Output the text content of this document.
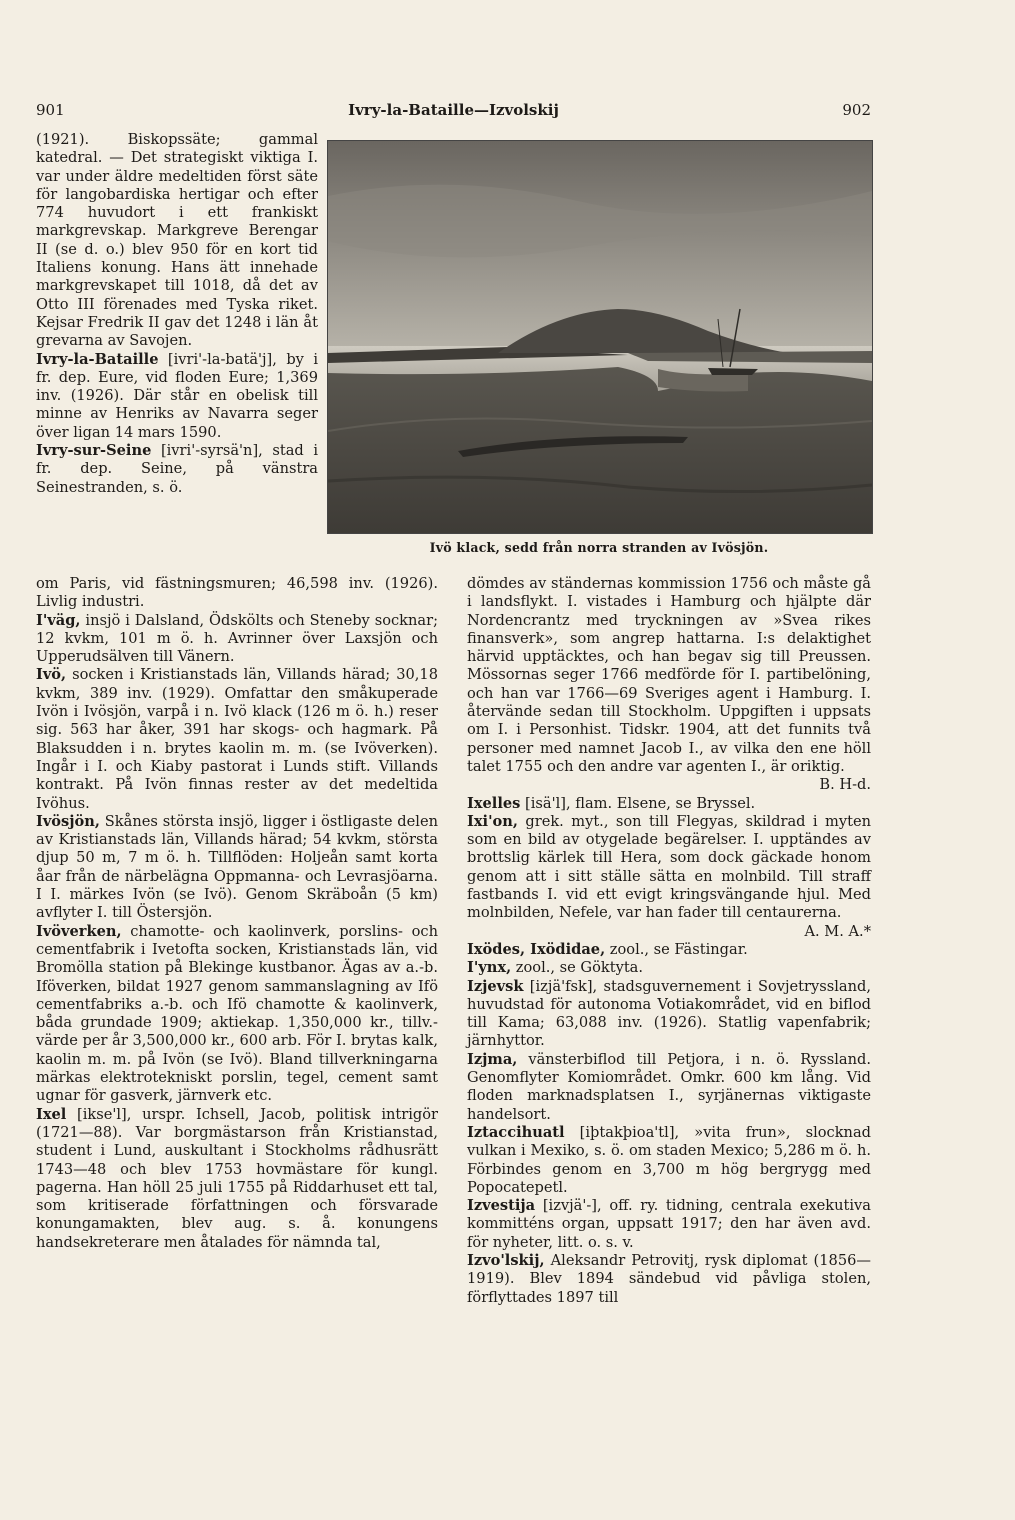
901	Ivry-la-Bataille—Izvolskij	902

(1921). Biskopssäte; gammal katedral. — Det strategiskt viktiga I. var under äldre medeltiden först säte för langobardiska hertigar och efter 774 huvudort i ett frankiskt markgrevskap. Markgreve Berengar II (se d. o.) blev 950 för en kort tid Italiens konung. Hans ätt innehade markgrevskapet till 1018, då det av Otto III förenades med Tyska riket. Kejsar Fredrik II gav det 1248 i län åt grevarna av Savojen.

Ivry-la-Bataille [ivri'-la-batä'j], by i fr. dep. Eure, vid floden Eure; 1,369 inv. (1926). Där står en obelisk till minne av Henriks av Navarra seger över ligan 14 mars 1590.

Ivry-sur-Seine [ivri'-syrsä'n], stad i fr. dep. Seine, på vänstra Seinestranden, s. ö.

Ivö klack, sedd från norra stranden av Ivösjön.

om Paris, vid fästningsmuren; 46,598 inv. (1926). Livlig industri.

I'väg, insjö i Dalsland, Ödskölts och Steneby socknar; 12 kvkm, 101 m ö. h. Avrinner över Laxsjön och Upperudsälven till Vänern.

Ivö, socken i Kristianstads län, Villands härad; 30,18 kvkm, 389 inv. (1929). Omfattar den småkuperade Ivön i Ivösjön, varpå i n. Ivö klack (126 m ö. h.) reser sig. 563 har åker, 391 har skogs- och hagmark. På Blaksudden i n. brytes kaolin m. m. (se Ivöverken). Ingår i I. och Kiaby pastorat i Lunds stift. Villands kontrakt. På Ivön finnas rester av det medeltida Ivöhus.

Ivösjön, Skånes största insjö, ligger i östligaste delen av Kristianstads län, Villands härad; 54 kvkm, största djup 50 m, 7 m ö. h. Tillflöden: Holjeån samt korta åar från de närbelägna Oppmanna- och Levrasjöarna. I I. märkes Ivön (se Ivö). Genom Skräboån (5 km) avflyter I. till Östersjön.

Ivöverken, chamotte- och kaolinverk, porslins- och cementfabrik i Ivetofta socken, Kristianstads län, vid Bromölla station på Blekinge kustbanor. Ägas av a.-b. Iföverken, bildat 1927 genom sammanslagning av Ifö cementfabriks a.-b. och Ifö chamotte & kaolinverk, båda grundade 1909; aktiekap. 1,350,000 kr., tillv.-värde per år 3,500,000 kr., 600 arb. För I. brytas kalk, kaolin m. m. på Ivön (se Ivö). Bland tillverkningarna märkas elektrotekniskt porslin, tegel, cement samt ugnar för gasverk, järnverk etc.

Ixel [ikse'l], urspr. Ichsell, Jacob, politisk intrigör (1721—88). Var borgmästarson från Kristianstad, student i Lund, auskultant i Stockholms rådhusrätt 1743—48 och blev 1753 hovmästare för kungl. pagerna. Han höll 25 juli 1755 på Riddarhuset ett tal, som kritiserade författningen och försvarade konungamakten, blev aug. s. å. konungens handsekreterare men åtalades för nämnda tal,

dömdes av ständernas kommission 1756 och måste gå i landsflykt. I. vistades i Hamburg och hjälpte där Nordencrantz med tryckningen av »Svea rikes finansverk», som angrep hattarna. I:s delaktighet härvid upptäcktes, och han begav sig till Preussen. Mössornas seger 1766 medförde för I. partibelöning, och han var 1766—69 Sveriges agent i Hamburg. I. återvände sedan till Stockholm. Uppgiften i uppsats om I. i Personhist. Tidskr. 1904, att det funnits två personer med namnet Jacob I., av vilka den ene höll talet 1755 och den andre var agenten I., är oriktig.
B. H-d.

Ixelles [isä'l], flam. Elsene, se Bryssel.

Ixi'on, grek. myt., son till Flegyas, skildrad i myten som en bild av otygelade begärelser. I. upptändes av brottslig kärlek till Hera, som dock gäckade honom genom att i sitt ställe sätta en molnbild. Till straff fastbands I. vid ett evigt kringsvängande hjul. Med molnbilden, Nefele, var han fader till centaurerna.
A. M. A.*

Ixödes, Ixödidae, zool., se Fästingar.

I'ynx, zool., se Göktyta.

Izjevsk [izjä'fsk], stadsguvernement i Sovjetryssland, huvudstad för autonoma Votiakområdet, vid en biflod till Kama; 63,088 inv. (1926). Statlig vapenfabrik; järnhyttor.

Izjma, vänsterbiflod till Petjora, i n. ö. Ryssland. Genomflyter Komiområdet. Omkr. 600 km lång. Vid floden marknadsplatsen I., syrjänernas viktigaste handelsort.

Iztaccihuatl [iþtakþioa'tl], »vita frun», slocknad vulkan i Mexiko, s. ö. om staden Mexico; 5,286 m ö. h. Förbindes genom en 3,700 m hög bergrygg med Popocatepetl.

Izvestija [izvjä'-], off. ry. tidning, centrala exekutiva kommitténs organ, uppsatt 1917; den har även avd. för nyheter, litt. o. s. v.

Izvo'lskij, Aleksandr Petrovitj, rysk diplomat (1856—1919). Blev 1894 sändebud vid påvliga stolen, förflyttades 1897 till
